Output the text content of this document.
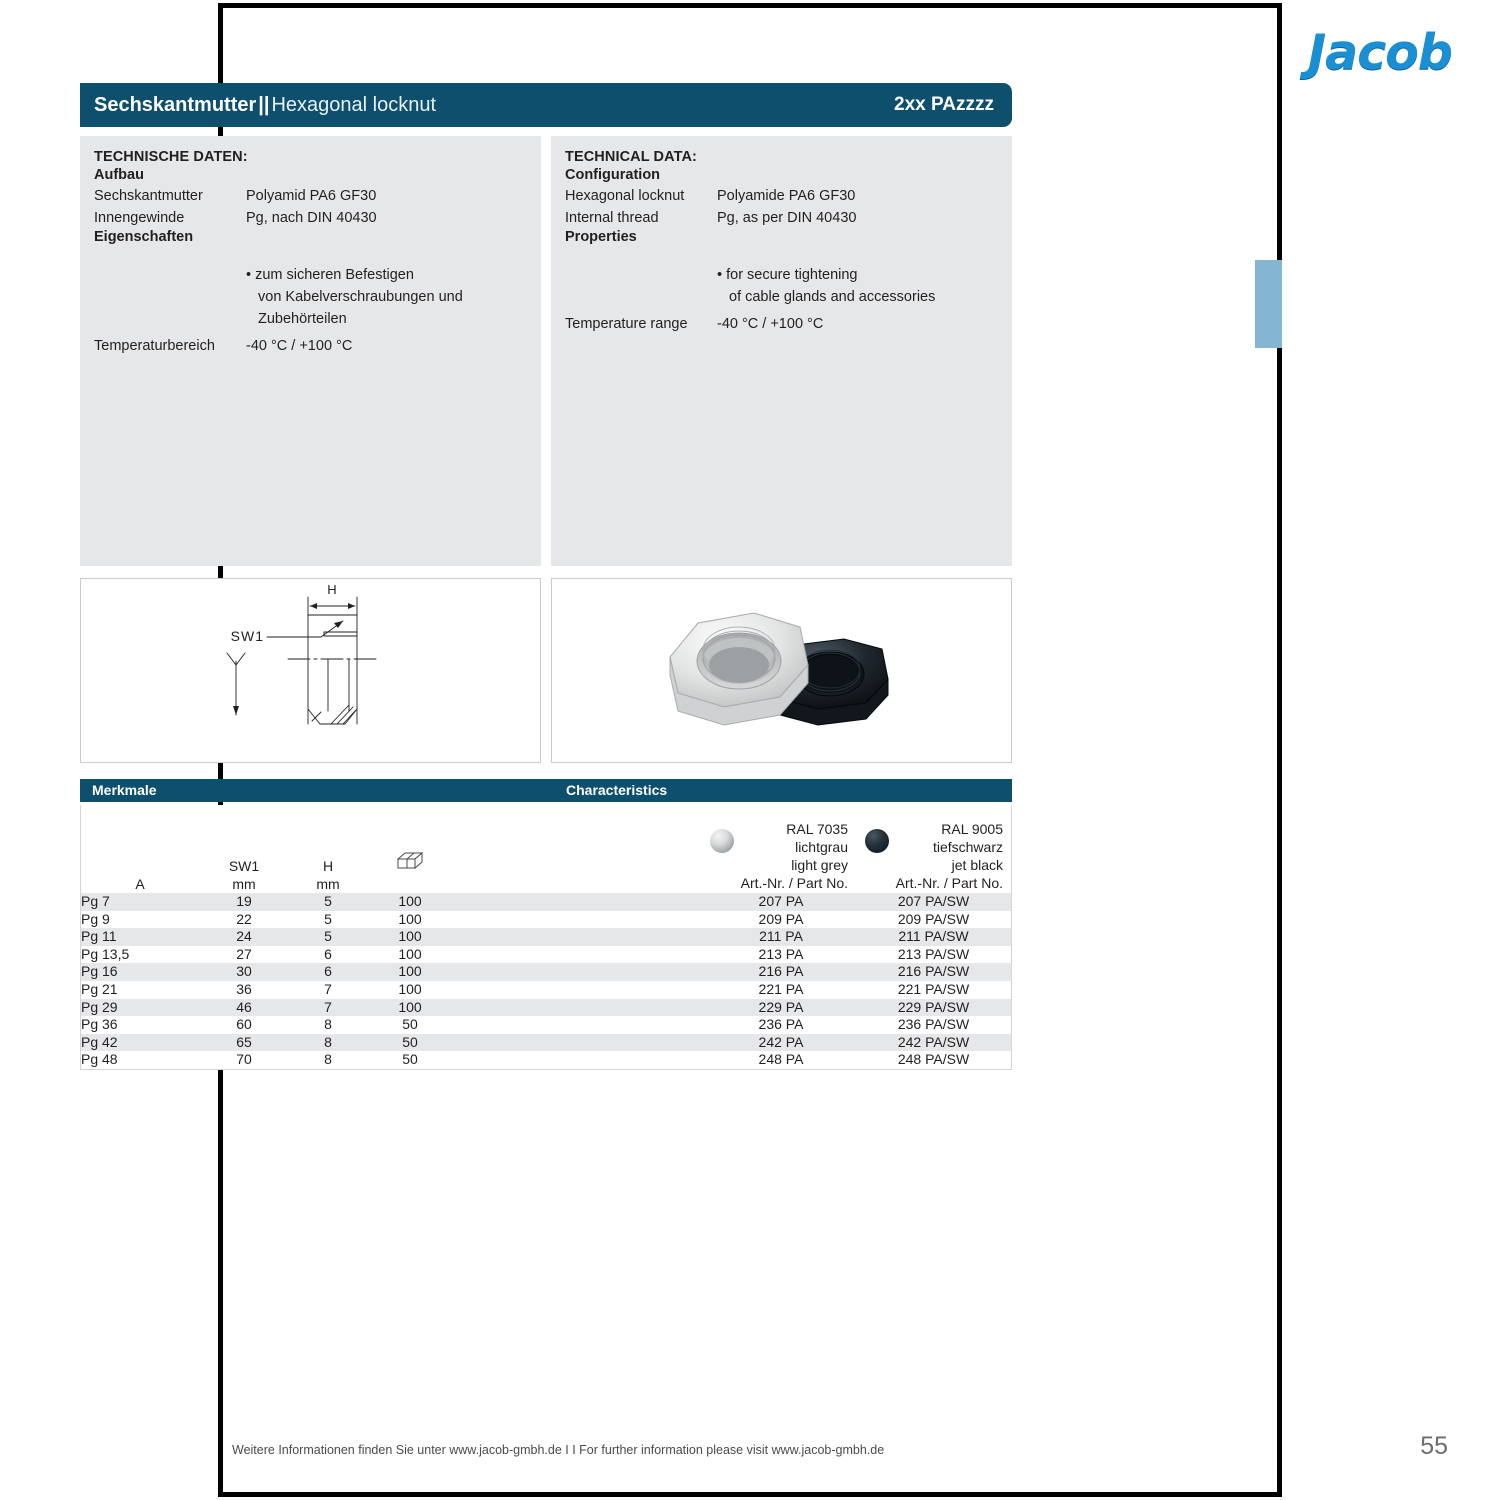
Jacob
Sechskantmutter || Hexagonal locknut	2xx PAzzzz
TECHNISCHE DATEN:
Aufbau
Sechskantmutter	Polyamid PA6 GF30
Innengewinde	Pg, nach DIN 40430
Eigenschaften
• zum sicheren Befestigen
von Kabelverschraubungen und Zubehörteilen
Temperaturbereich	-40 °C / +100 °C
TECHNICAL DATA:
Configuration
Hexagonal locknut	Polyamide PA6 GF30
Internal thread	Pg, as per DIN 40430
Properties
• for secure tightening
of cable glands and accessories
Temperature range	-40 °C / +100 °C
H
SW1
Merkmale	Characteristics
A

SW1
mm

H
mm

RAL 7035
lichtgrau
light grey
Art.-Nr. / Part No.

RAL 9005
tiefschwarz
jet black
Art.-Nr. / Part No.

Pg 7	19	5	100		207 PA	207 PA/SW
Pg 9	22	5	100		209 PA	209 PA/SW
Pg 11	24	5	100		211 PA	211 PA/SW
Pg 13,5	27	6	100		213 PA	213 PA/SW
Pg 16	30	6	100		216 PA	216 PA/SW
Pg 21	36	7	100		221 PA	221 PA/SW
Pg 29	46	7	100		229 PA	229 PA/SW
Pg 36	60	8	50		236 PA	236 PA/SW
Pg 42	65	8	50		242 PA	242 PA/SW
Pg 48	70	8	50		248 PA	248 PA/SW
Weitere Informationen finden Sie unter www.jacob-gmbh.de I I For further information please visit www.jacob-gmbh.de	55
